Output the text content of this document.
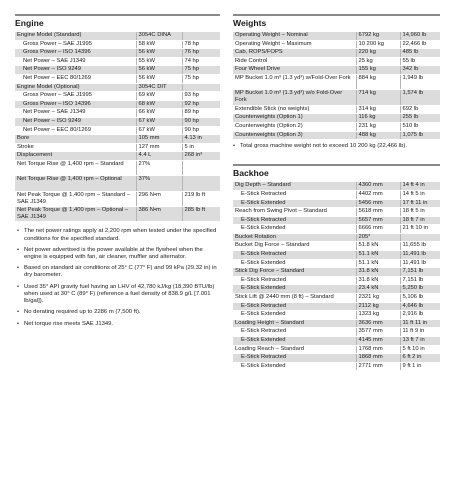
Engine
Engine Model (Standard)	3054C DINA	
Gross Power – SAE J1995	58 kW	78 hp
Gross Power – ISO 14396	56 kW	76 hp
Net Power – SAE J1349	55 kW	74 hp
Net Power – ISO 9249	56 kW	75 hp
Net Power – EEC 80/1269	56 kW	75 hp
Engine Model (Optional)	3054C DIT	
Gross Power – SAE J1995	69 kW	93 hp
Gross Power – ISO 14396	68 kW	92 hp
Net Power – SAE J1349	66 kW	89 hp
Net Power – ISO 9249	67 kW	90 hp
Net Power – EEC 80/1269	67 kW	90 hp
Bore	105 mm	4.13 in
Stroke	127 mm	5 in
Displacement	4.4 L	268 in³
Net Torque Rise @ 1,400 rpm – Standard	27%	
Net Torque Rise @ 1,400 rpm – Optional	37%	
Net Peak Torque @ 1,400 rpm – Standard – SAE J1349	296 N•m	219 lb ft
Net Peak Torque @ 1,400 rpm – Optional – SAE J1349	386 N•m	285 lb ft
• The net power ratings apply at 2,200 rpm when tested under the specified conditions for the specified standard.
• Net power advertised is the power available at the flywheel when the engine is equipped with fan, air cleaner, muffler and alternator.
• Based on standard air conditions of 25° C (77° F) and 99 kPa (29.32 in) in dry barometer.
• Used 35° API gravity fuel having an LHV of 42,780 kJ/kg (18,390 BTU/lb) when used at 30° C (89° F) (reference a fuel density of 838.9 g/L [7.001 lb/gal]).
• No derating required up to 2286 m (7,500 ft).
• Net torque rise meets SAE J1349.
Weights
Operating Weight – Nominal	6792 kg	14,960 lb
Operating Weight – Maximum	10 200 kg	22,466 lb
Cab, ROPS/FOPS	220 kg	485 lb
Ride Control	25 kg	55 lb
Four Wheel Drive	155 kg	342 lb
MP Bucket 1.0 m³ (1.3 yd³) w/Fold-Over Fork	884 kg	1,949 lb
MP Bucket 1.0 m³ (1.3 yd³) w/o Fold-Over Fork	714 kg	1,574 lb
Extendible Stick (no weights)	314 kg	692 lb
Counterweights (Option 1)	116 kg	255 lb
Counterweights (Option 2)	231 kg	510 lb
Counterweights (Option 3)	488 kg	1,075 lb
• Total gross machine weight not to exceed 10 200 kg (22,466 lb).
Backhoe
Dig Depth – Standard	4360 mm	14 ft 4 in
E-Stick Retracted	4402 mm	14 ft 5 in
E-Stick Extended	5456 mm	17 ft 11 in
Reach from Swing Pivot – Standard	5618 mm	18 ft 5 in
E-Stick Retracted	5657 mm	18 ft 7 in
E-Stick Extended	6666 mm	21 ft 10 in
Bucket Rotation	205°	
Bucket Dig Force – Standard	51.8 kN	11,655 lb
E-Stick Retracted	51.1 kN	11,491 lb
E-Stick Extended	51.1 kN	11,491 lb
Stick Dig Force – Standard	31.8 kN	7,151 lb
E-Stick Retracted	31.8 kN	7,151 lb
E-Stick Extended	23.4 kN	5,250 lb
Stick Lift @ 2440 mm (8 ft) – Standard	2321 kg	5,106 lb
E-Stick Retracted	2112 kg	4,646 lb
E-Stick Extended	1323 kg	2,916 lb
Loading Height – Standard	3636 mm	11 ft 11 in
E-Stick Retracted	3577 mm	11 ft 9 in
E-Stick Extended	4145 mm	13 ft 7 in
Loading Reach – Standard	1768 mm	5 ft 10 in
E-Stick Retracted	1868 mm	6 ft 2 in
E-Stick Extended	2771 mm	9 ft 1 in
